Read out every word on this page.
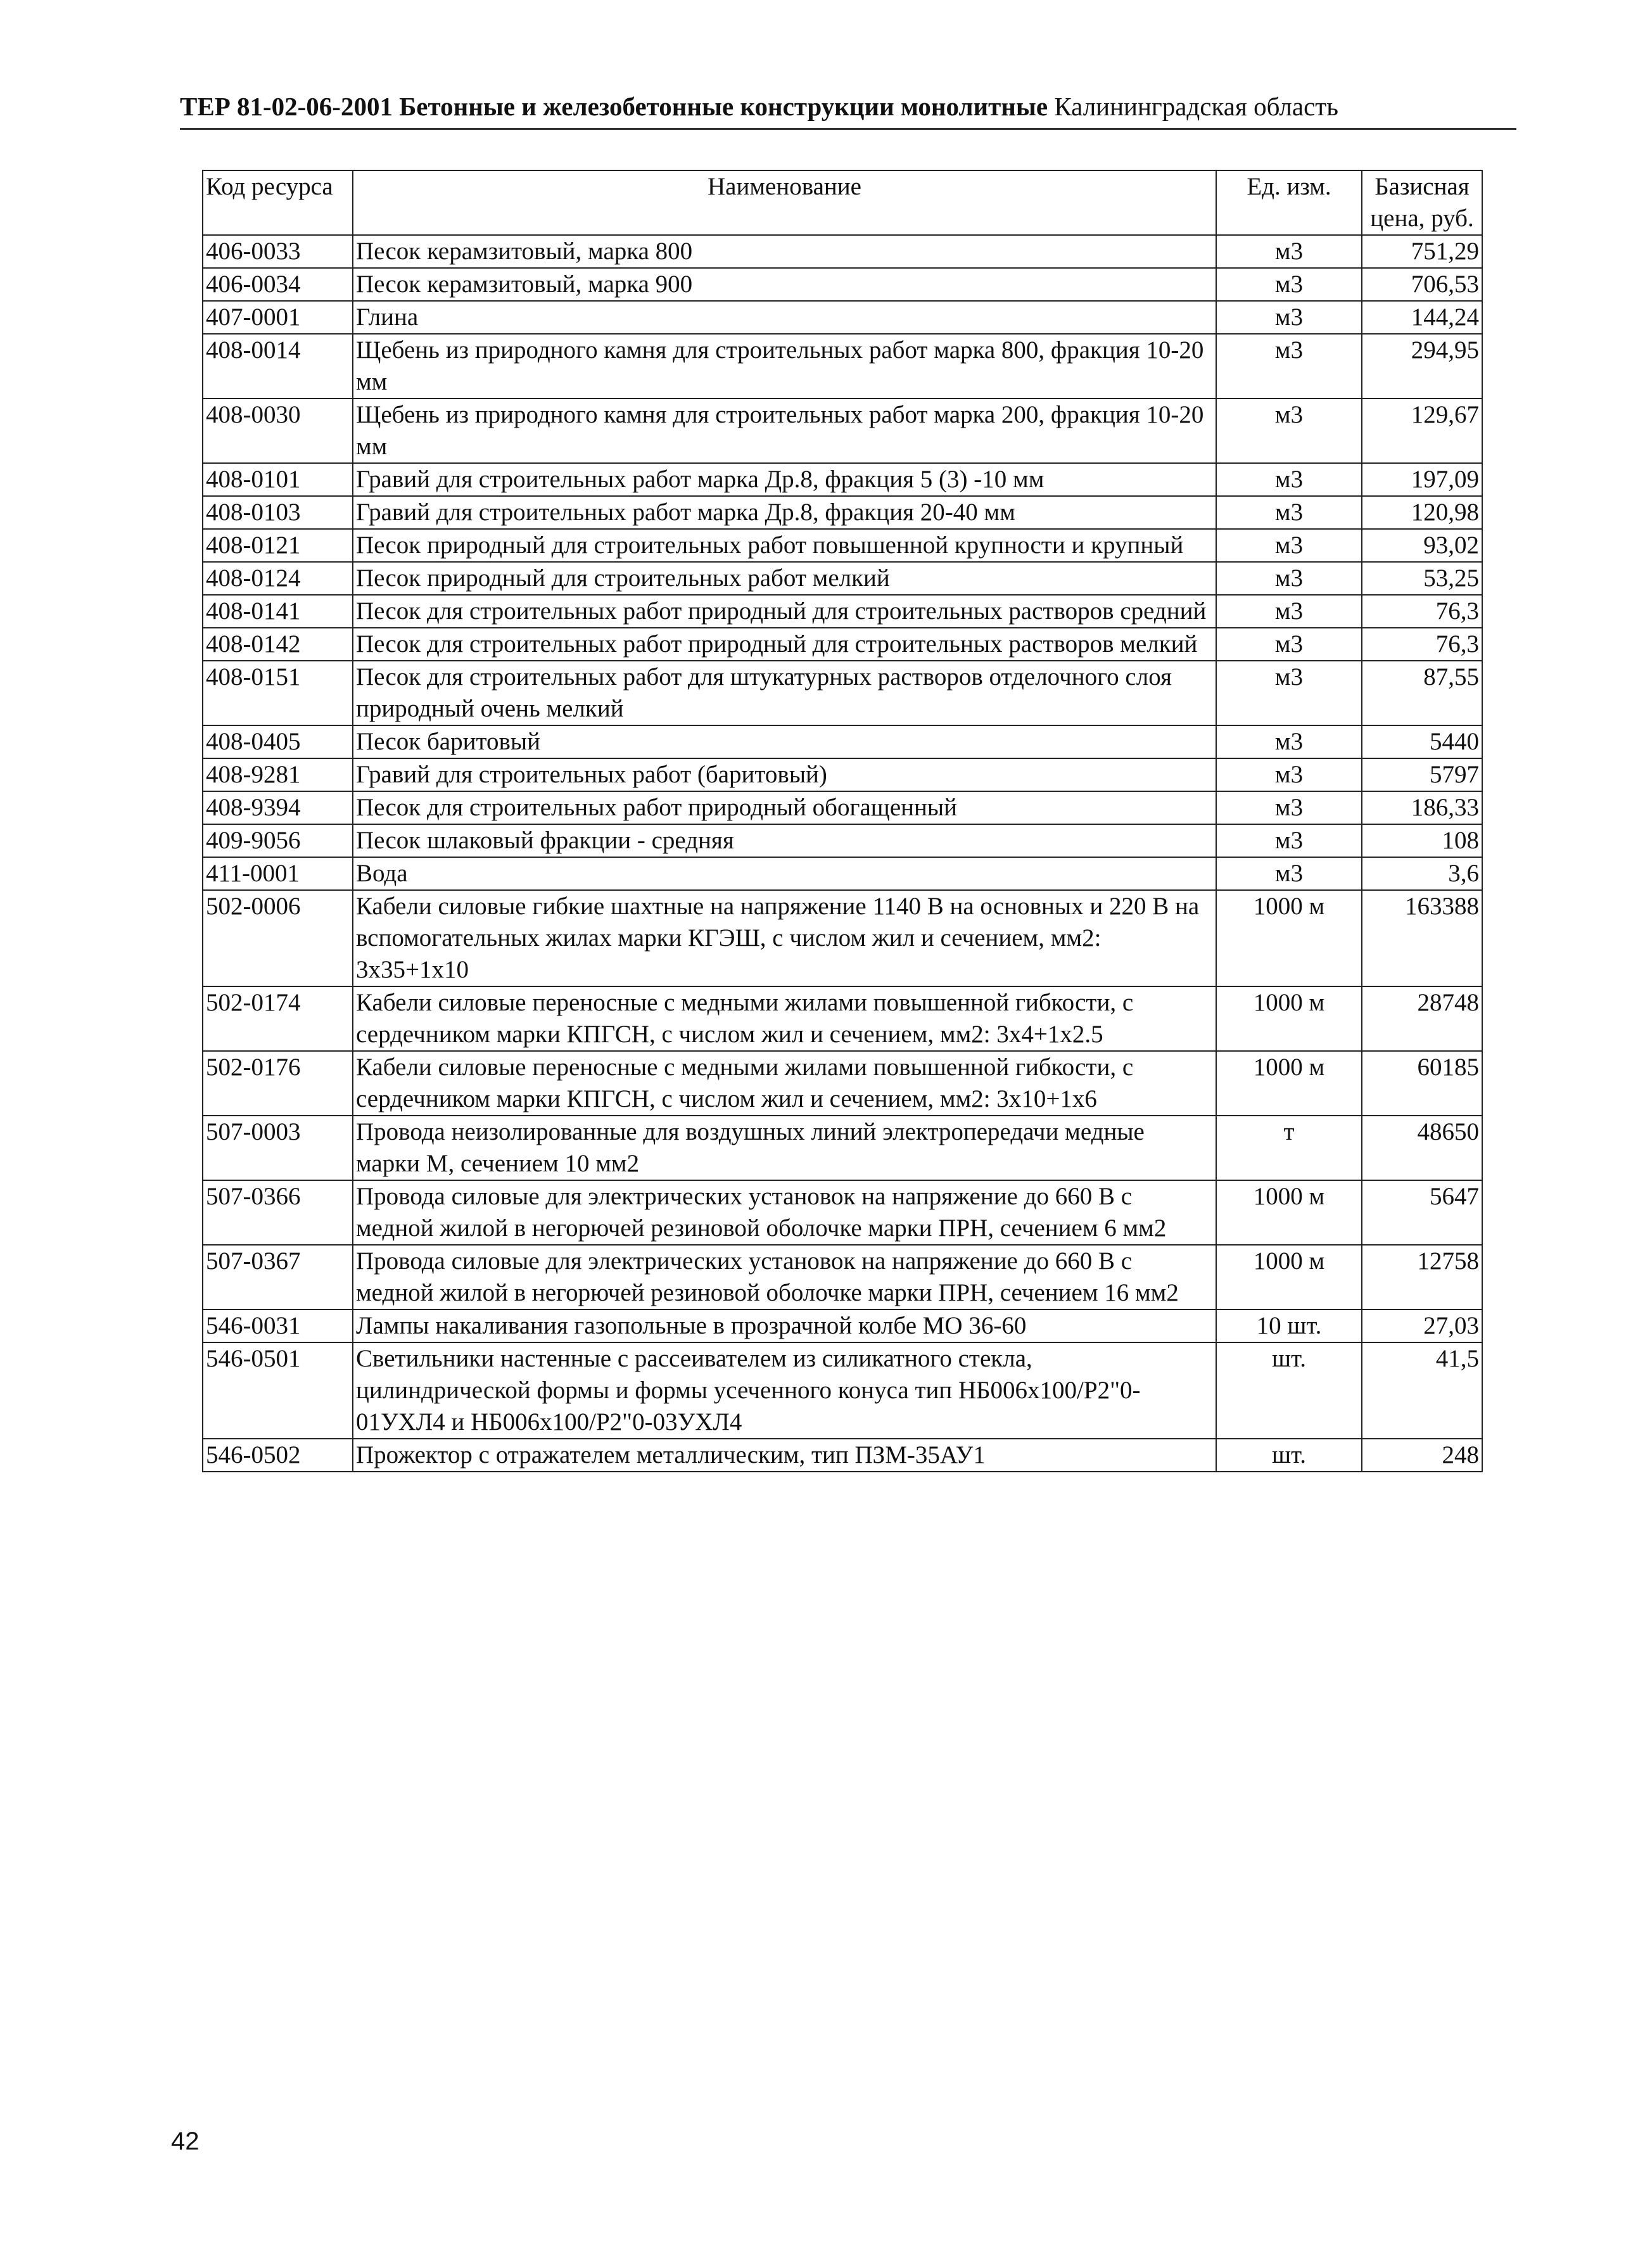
ТЕР 81-02-06-2001 Бетонные и железобетонные конструкции монолитные Калининградская область
Код ресурса	Наименование	Ед. изм.	Базисная цена, руб.
406-0033	Песок керамзитовый, марка 800	м3	751,29
406-0034	Песок керамзитовый, марка 900	м3	706,53
407-0001	Глина	м3	144,24
408-0014	Щебень из природного камня для строительных работ марка 800, фракция 10-20 мм	м3	294,95
408-0030	Щебень из природного камня для строительных работ марка 200, фракция 10-20 мм	м3	129,67
408-0101	Гравий для строительных работ марка Др.8, фракция 5 (3) -10 мм	м3	197,09
408-0103	Гравий для строительных работ марка Др.8, фракция 20-40 мм	м3	120,98
408-0121	Песок природный для строительных работ повышенной крупности и крупный	м3	93,02
408-0124	Песок природный для строительных работ мелкий	м3	53,25
408-0141	Песок для строительных работ природный для строительных растворов средний	м3	76,3
408-0142	Песок для строительных работ природный для строительных растворов мелкий	м3	76,3
408-0151	Песок для строительных работ для штукатурных растворов отделочного слоя природный очень мелкий	м3	87,55
408-0405	Песок баритовый	м3	5440
408-9281	Гравий для строительных работ (баритовый)	м3	5797
408-9394	Песок для строительных работ природный обогащенный	м3	186,33
409-9056	Песок шлаковый фракции - средняя	м3	108
411-0001	Вода	м3	3,6
502-0006	Кабели силовые гибкие шахтные на напряжение 1140 В на основных и 220 В на вспомогательных жилах марки КГЭШ, с числом жил и сечением, мм2: 3х35+1х10	1000 м	163388
502-0174	Кабели силовые переносные с медными жилами повышенной гибкости, с сердечником марки КПГСН, с числом жил и сечением, мм2: 3х4+1х2.5	1000 м	28748
502-0176	Кабели силовые переносные с медными жилами повышенной гибкости, с сердечником марки КПГСН, с числом жил и сечением, мм2: 3х10+1х6	1000 м	60185
507-0003	Провода неизолированные для воздушных линий электропередачи медные марки М, сечением 10 мм2	т	48650
507-0366	Провода силовые для электрических установок на напряжение до 660 В с медной жилой в негорючей резиновой оболочке марки ПРН, сечением 6 мм2	1000 м	5647
507-0367	Провода силовые для электрических установок на напряжение до 660 В с медной жилой в негорючей резиновой оболочке марки ПРН, сечением 16 мм2	1000 м	12758
546-0031	Лампы накаливания газопольные в прозрачной колбе МО 36-60	10 шт.	27,03
546-0501	Светильники настенные с рассеивателем из силикатного стекла, цилиндрической формы и формы усеченного конуса тип НБ006х100/Р2"0-01УХЛ4 и НБ006х100/Р2"0-03УХЛ4	шт.	41,5
546-0502	Прожектор с отражателем металлическим, тип ПЗМ-35АУ1	шт.	248
42
